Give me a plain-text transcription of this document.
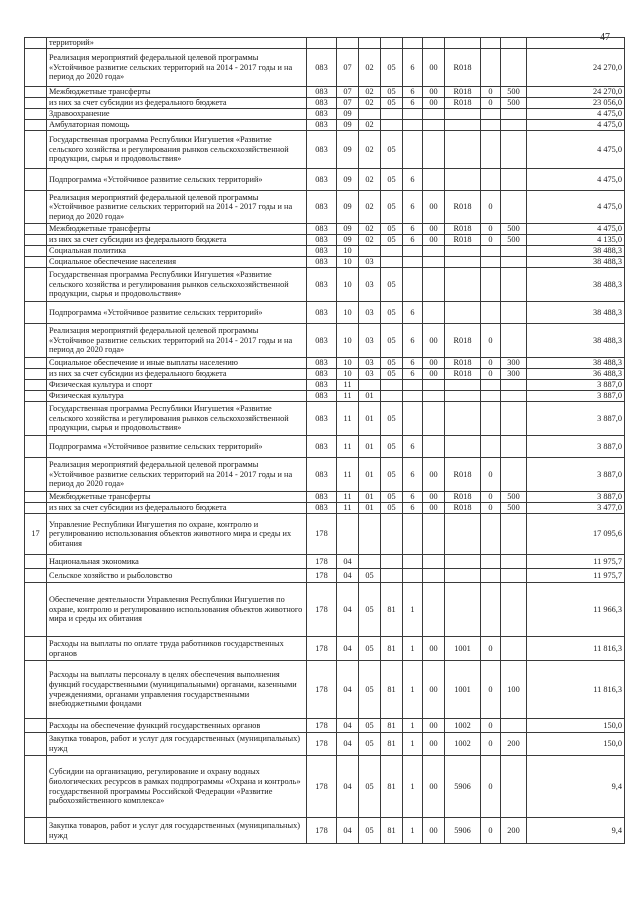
47
	территорий»										
	Реализация мероприятий федеральной целевой программы «Устойчивое развитие сельских территорий на 2014 - 2017 годы и на период до 2020 года»	083	07	02	05	6	00	R018			24 270,0
	Межбюджетные трансферты	083	07	02	05	6	00	R018	0	500	24 270,0
	из них за счет субсидии из федерального бюджета	083	07	02	05	6	00	R018	0	500	23 056,0
	Здравоохранение	083	09								4 475,0
	Амбулаторная помощь	083	09	02							4 475,0
	Государственная программа Республики Ингушетия «Развитие сельского хозяйства и регулирования рынков сельскохозяйственной продукции, сырья и продовольствия»	083	09	02	05						4 475,0
	Подпрограмма «Устойчивое развитие сельских территорий»	083	09	02	05	6					4 475,0
	Реализация мероприятий федеральной целевой программы «Устойчивое развитие сельских территорий на 2014 - 2017 годы и на период до 2020 года»	083	09	02	05	6	00	R018	0		4 475,0
	Межбюджетные трансферты	083	09	02	05	6	00	R018	0	500	4 475,0
	из них за счет субсидии из федерального бюджета	083	09	02	05	6	00	R018	0	500	4 135,0
	Социальная политика	083	10								38 488,3
	Социальное обеспечение населения	083	10	03							38 488,3
	Государственная программа Республики Ингушетия «Развитие сельского хозяйства и регулирования рынков сельскохозяйственной продукции, сырья и продовольствия»	083	10	03	05						38 488,3
	Подпрограмма «Устойчивое развитие сельских территорий»	083	10	03	05	6					38 488,3
	Реализация мероприятий федеральной целевой программы «Устойчивое развитие сельских территорий на 2014 - 2017 годы и на период до 2020 года»	083	10	03	05	6	00	R018	0		38 488,3
	Социальное обеспечение и иные выплаты населению	083	10	03	05	6	00	R018	0	300	38 488,3
	из них за счет субсидии из федерального бюджета	083	10	03	05	6	00	R018	0	300	36 488,3
	Физическая культура и спорт	083	11								3 887,0
	Физическая культура	083	11	01							3 887,0
	Государственная программа Республики Ингушетия «Развитие сельского хозяйства и регулирования рынков сельскохозяйственной продукции, сырья и продовольствия»	083	11	01	05						3 887,0
	Подпрограмма «Устойчивое развитие сельских территорий»	083	11	01	05	6					3 887,0
	Реализация мероприятий федеральной целевой программы «Устойчивое развитие сельских территорий на 2014 - 2017 годы и на период до 2020 года»	083	11	01	05	6	00	R018	0		3 887,0
	Межбюджетные трансферты	083	11	01	05	6	00	R018	0	500	3 887,0
	из них за счет субсидии из федерального бюджета	083	11	01	05	6	00	R018	0	500	3 477,0
17	Управление Республики Ингушетия по охране, контролю и регулированию использования объектов животного мира и среды их обитания	178									17 095,6
	Национальная экономика	178	04								11 975,7
	Сельское хозяйство и рыболовство	178	04	05							11 975,7
	Обеспечение деятельности Управления Республики Ингушетия по охране, контролю и регулированию использования объектов животного мира и среды их обитания	178	04	05	81	1					11 966,3
	Расходы на выплаты по оплате труда работников государственных органов	178	04	05	81	1	00	1001	0		11 816,3
	Расходы на выплаты персоналу в целях обеспечения выполнения функций государственными (муниципальными) органами, казенными учреждениями, органами управления государственными внебюджетными фондами	178	04	05	81	1	00	1001	0	100	11 816,3
	Расходы на обеспечение функций государственных органов	178	04	05	81	1	00	1002	0		150,0
	Закупка товаров, работ и услуг для государственных (муниципальных) нужд	178	04	05	81	1	00	1002	0	200	150,0
	Субсидии на организацию, регулирование и охрану водных биологических ресурсов в рамках подпрограммы «Охрана и контроль» государственной программы Российской Федерации «Развитие рыбохозяйственного комплекса»	178	04	05	81	1	00	5906	0		9,4
	Закупка товаров, работ и услуг для государственных (муниципальных) нужд	178	04	05	81	1	00	5906	0	200	9,4
